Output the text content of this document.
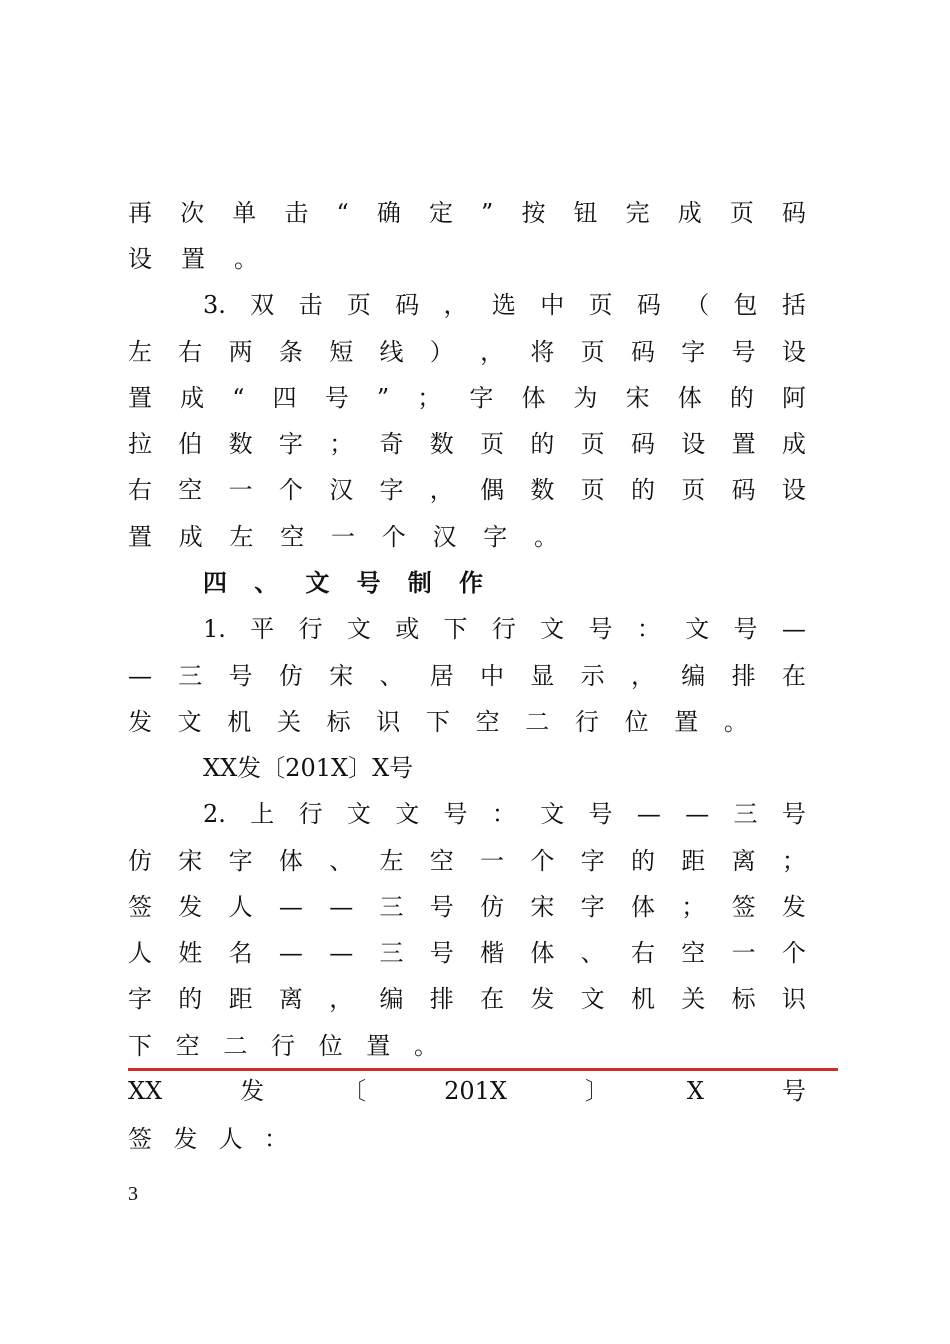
再 次 单 击 “ 确 定 ” 按 钮 完 成 页 码
设 置 。
3. 双 击 页 码 ， 选 中 页 码 （ 包 括
左 右 两 条 短 线 ） ， 将 页 码 字 号 设
置 成 “ 四 号 ” ； 字 体 为 宋 体 的 阿
拉 伯 数 字 ； 奇 数 页 的 页 码 设 置 成
右 空 一 个 汉 字 ， 偶 数 页 的 页 码 设
置 成 左 空 一 个 汉 字 。
四 、 文 号 制 作
1. 平 行 文 或 下 行 文 号 ： 文 号 —
— 三 号 仿 宋 、 居 中 显 示 ， 编 排 在
发 文 机 关 标 识 下 空 二 行 位 置 。
XX发〔201X〕X号
2. 上 行 文 文 号 ： 文 号 — — 三 号
仿 宋 字 体 、 左 空 一 个 字 的 距 离 ；
签 发 人 — — 三 号 仿 宋 字 体 ； 签 发
人 姓 名 — — 三 号 楷 体 、 右 空 一 个
字 的 距 离 ， 编 排 在 发 文 机 关 标 识
下 空 二 行 位 置 。
XX	发	〔	201X	〕	X	号
签 发 人 ：
3
